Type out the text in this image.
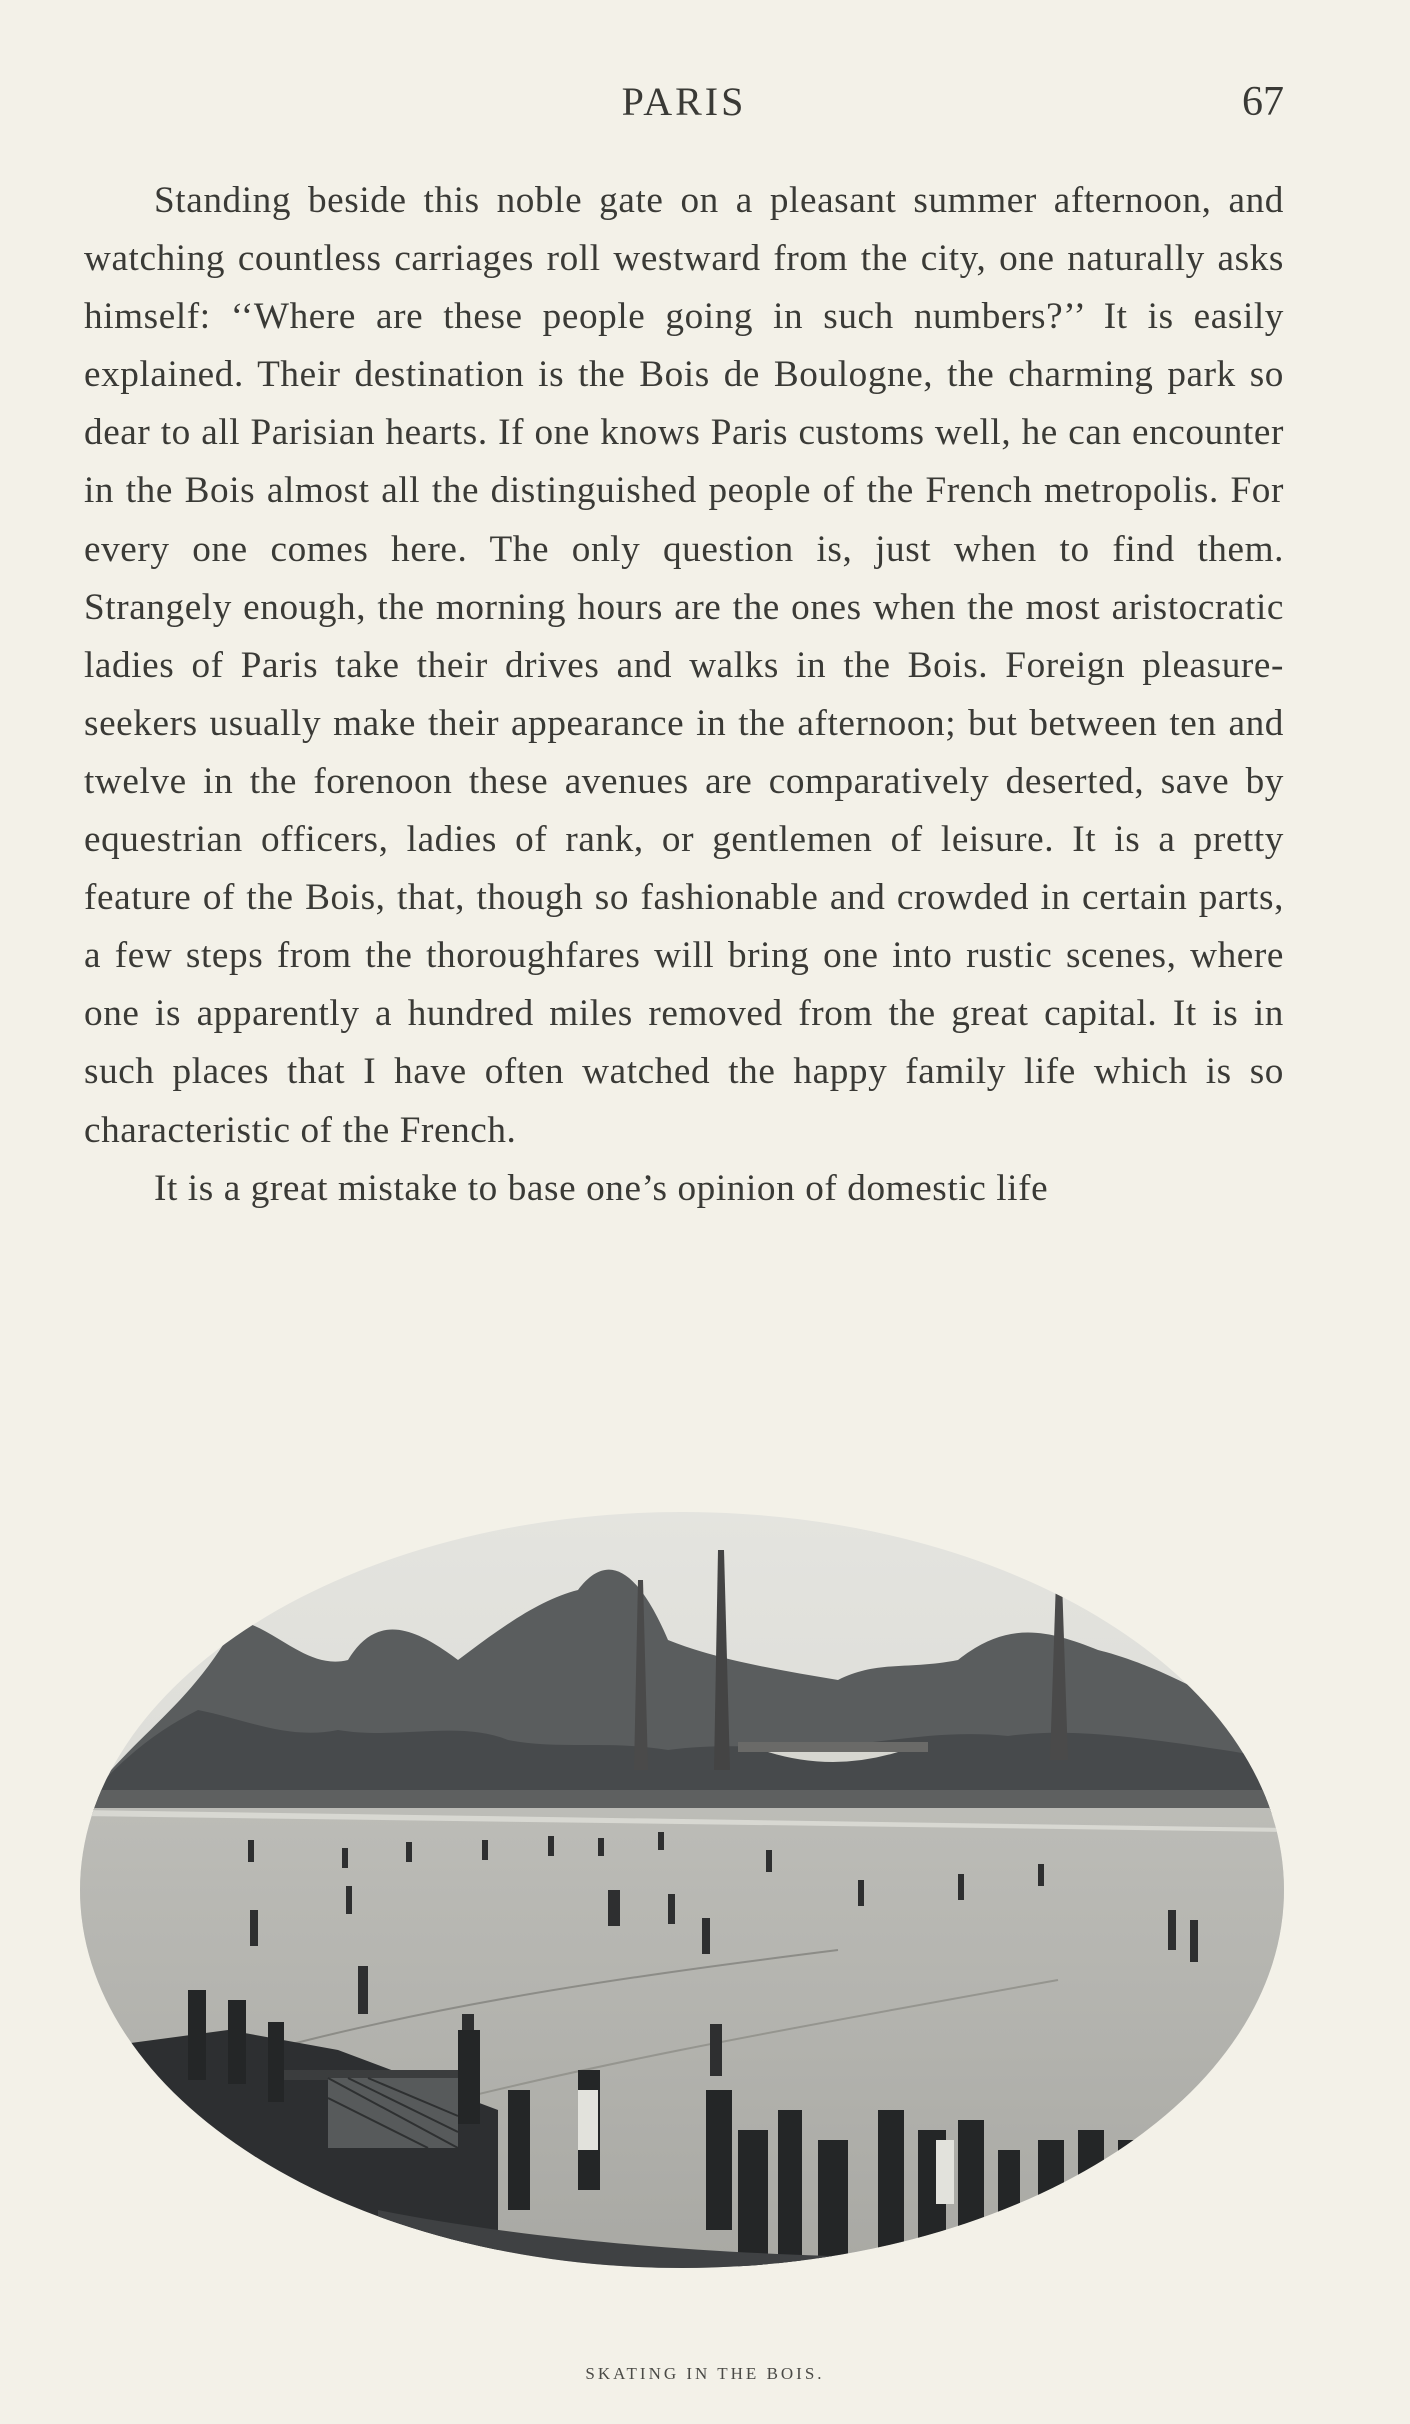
PARIS	67

Standing beside this noble gate on a pleasant summer afternoon, and watching countless carriages roll westward from the city, one naturally asks himself: ‘‘Where are these people going in such numbers?’’ It is easily explained. Their destination is the Bois de Boulogne, the charming park so dear to all Parisian hearts. If one knows Paris customs well, he can encounter in the Bois almost all the distinguished people of the French metropolis. For every one comes here. The only question is, just when to find them. Strangely enough, the morning hours are the ones when the most aristocratic ladies of Paris take their drives and walks in the Bois. Foreign pleasure-seekers usually make their appearance in the afternoon; but between ten and twelve in the forenoon these avenues are comparatively deserted, save by equestrian officers, ladies of rank, or gentlemen of leisure. It is a pretty feature of the Bois, that, though so fashionable and crowded in certain parts, a few steps from the thoroughfares will bring one into rustic scenes, where one is apparently a hundred miles removed from the great capital. It is in such places that I have often watched the happy family life which is so characteristic of the French.

It is a great mistake to base one’s opinion of domestic life

SKATING IN THE BOIS.
